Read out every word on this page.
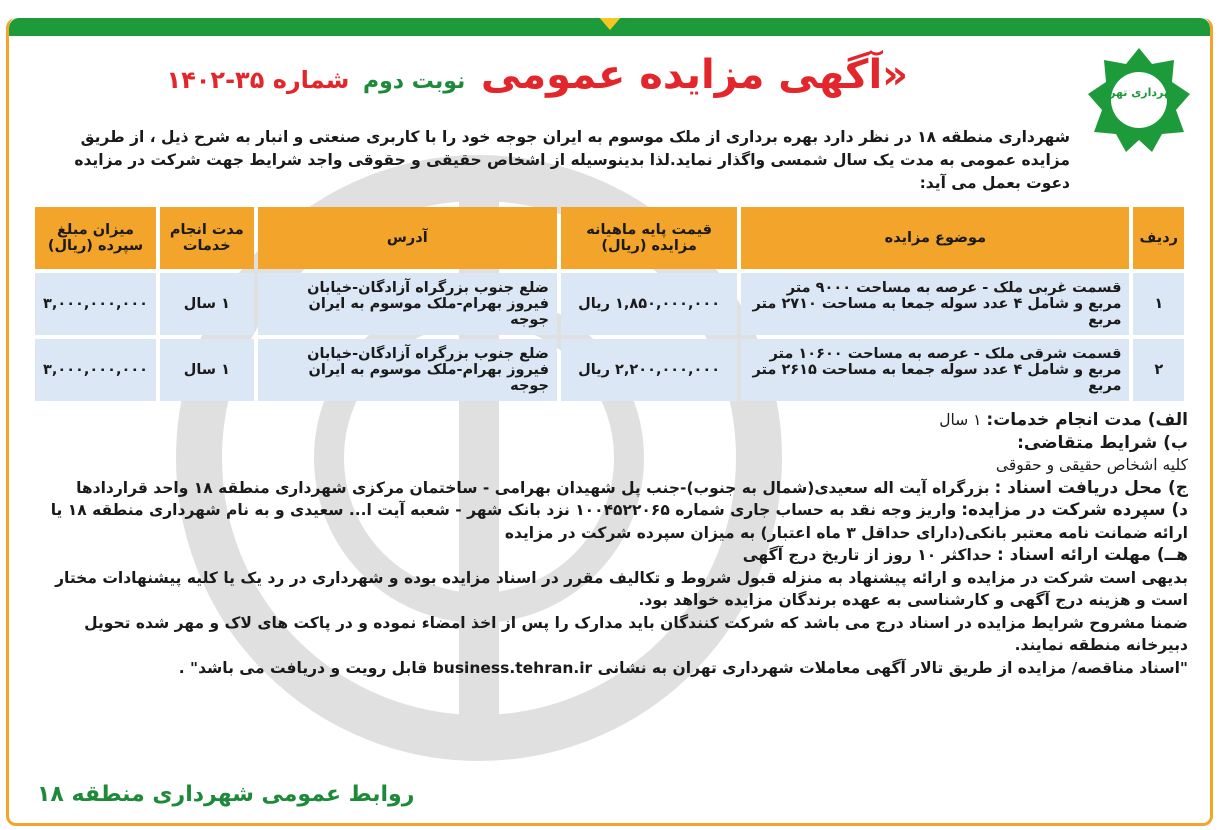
شهرداری تهران
«آگهی مزایده عمومی نوبت دوم شماره ۳۵-۱۴۰۲
شهرداری منطقه ۱۸ در نظر دارد بهره برداری از ملک موسوم به ایران جوجه خود را با کاربری صنعتی و انبار به شرح ذیل ، از طریق مزایده عمومی به مدت یک سال شمسی واگذار نماید.لذا بدینوسیله از اشخاص حقیقی و حقوقی واجد شرایط جهت شرکت در مزایده دعوت بعمل می آید:
ردیف	موضوع مزایده	قیمت پایه ماهیانه مزایده (ریال)	آدرس	مدت انجام خدمات	میزان مبلغ سپرده (ریال)
۱	قسمت غربی ملک - عرصه به مساحت ۹۰۰۰ متر مربع و شامل ۴ عدد سوله جمعا به مساحت ۲۷۱۰ متر مربع	۱,۸۵۰,۰۰۰,۰۰۰ ریال	ضلع جنوب بزرگراه آزادگان-خیابان فیروز بهرام-ملک موسوم به ایران جوجه	۱ سال	۳,۰۰۰,۰۰۰,۰۰۰
۲	قسمت شرقی ملک - عرصه به مساحت ۱۰۶۰۰ متر مربع و شامل ۴ عدد سوله جمعا به مساحت ۲۶۱۵ متر مربع	۲,۲۰۰,۰۰۰,۰۰۰ ریال	ضلع جنوب بزرگراه آزادگان-خیابان فیروز بهرام-ملک موسوم به ایران جوجه	۱ سال	۳,۰۰۰,۰۰۰,۰۰۰

الف) مدت انجام خدمات: ۱ سال

ب) شرایط متقاضی:

کلیه اشخاص حقیقی و حقوقی

ج) محل دریافت اسناد : بزرگراه آیت اله سعیدی(شمال به جنوب)-جنب پل شهیدان بهرامی - ساختمان مرکزی شهرداری منطقه ۱۸ واحد قراردادها

د) سپرده شرکت در مزایده: واریز وجه نقد به حساب جاری شماره ۱۰۰۴۵۲۲۰۶۵ نزد بانک شهر - شعبه آیت ا... سعیدی و به نام شهرداری منطقه ۱۸ یا ارائه ضمانت نامه معتبر بانکی(دارای حداقل ۳ ماه اعتبار) به میزان سپرده شرکت در مزایده

هــ) مهلت ارائه اسناد : حداکثر ۱۰ روز از تاریخ درج آگهی

بدیهی است شرکت در مزایده و ارائه پیشنهاد به منزله قبول شروط و تکالیف مقرر در اسناد مزایده بوده و شهرداری در رد یک یا کلیه پیشنهادات مختار است و هزینه درج آگهی و کارشناسی به عهده برندگان مزایده خواهد بود.

ضمنا مشروح شرایط مزایده در اسناد درج می باشد که شرکت کنندگان باید مدارک را پس از اخذ امضاء نموده و در پاکت های لاک و مهر شده تحویل دبیرخانه منطقه نمایند.

"اسناد مناقصه/ مزایده از طریق تالار آگهی معاملات شهرداری تهران به نشانی business.tehran.ir قابل رویت و دریافت می باشد" .

روابط عمومی شهرداری منطقه ۱۸
